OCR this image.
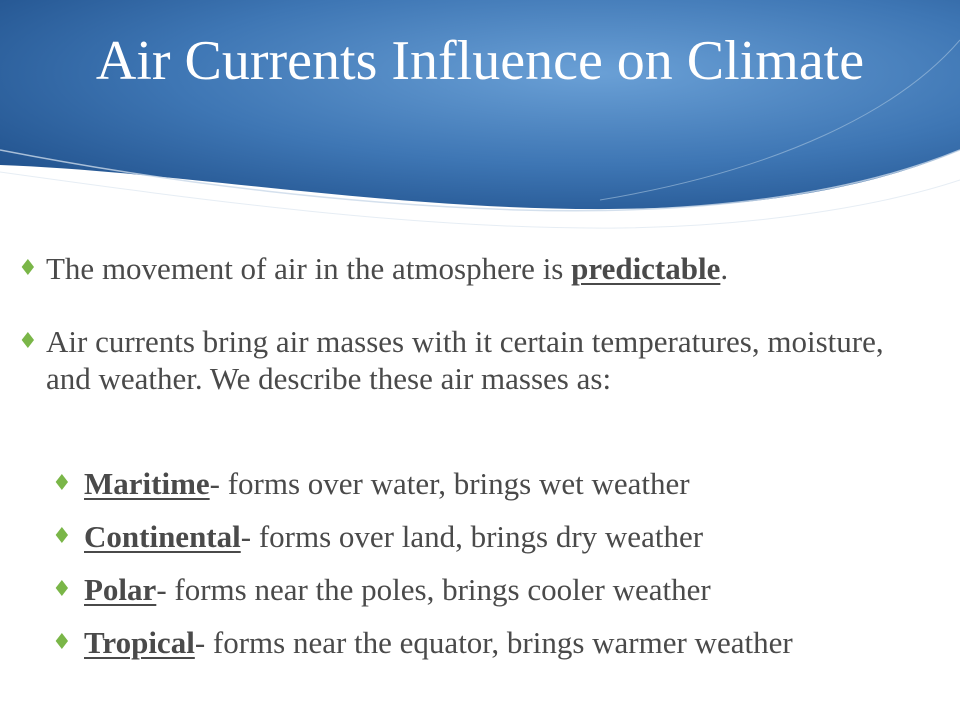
Air Currents Influence on Climate
♦ The movement of air in the atmosphere is predictable.
♦ Air currents bring air masses with it certain temperatures, moisture, and weather. We describe these air masses as:
♦ Maritime- forms over water, brings wet weather
♦ Continental- forms over land, brings dry weather
♦ Polar- forms near the poles, brings cooler weather
♦ Tropical- forms near the equator, brings warmer weather
